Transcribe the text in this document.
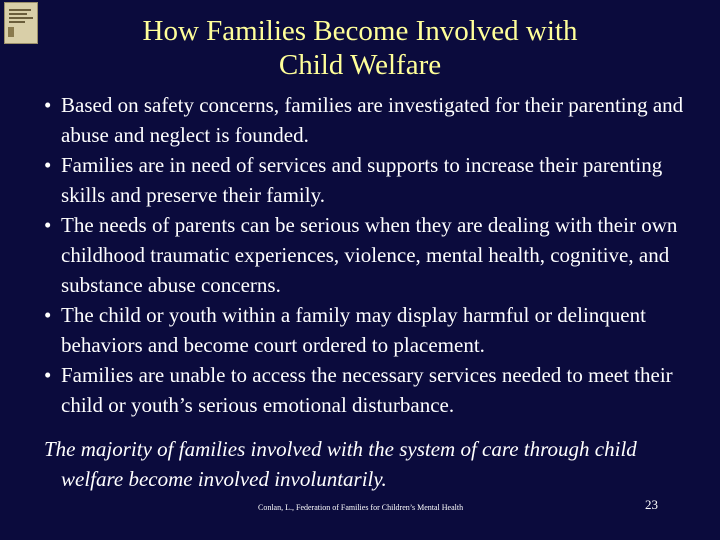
How Families Become Involved with
Child Welfare
• Based on safety concerns, families are investigated for their parenting and abuse and neglect is founded.
• Families are in need of services and supports to increase their parenting skills and preserve their family.
• The needs of parents can be serious when they are dealing with their own childhood traumatic experiences, violence, mental health, cognitive, and substance abuse concerns.
• The child or youth within a family may display harmful or delinquent behaviors and become court ordered to placement.
• Families are unable to access the necessary services needed to meet their child or youth’s serious emotional disturbance.
The majority of families involved with the system of care through child welfare become involved involuntarily.
Conlan, L., Federation of Families for Children’s Mental Health	23
